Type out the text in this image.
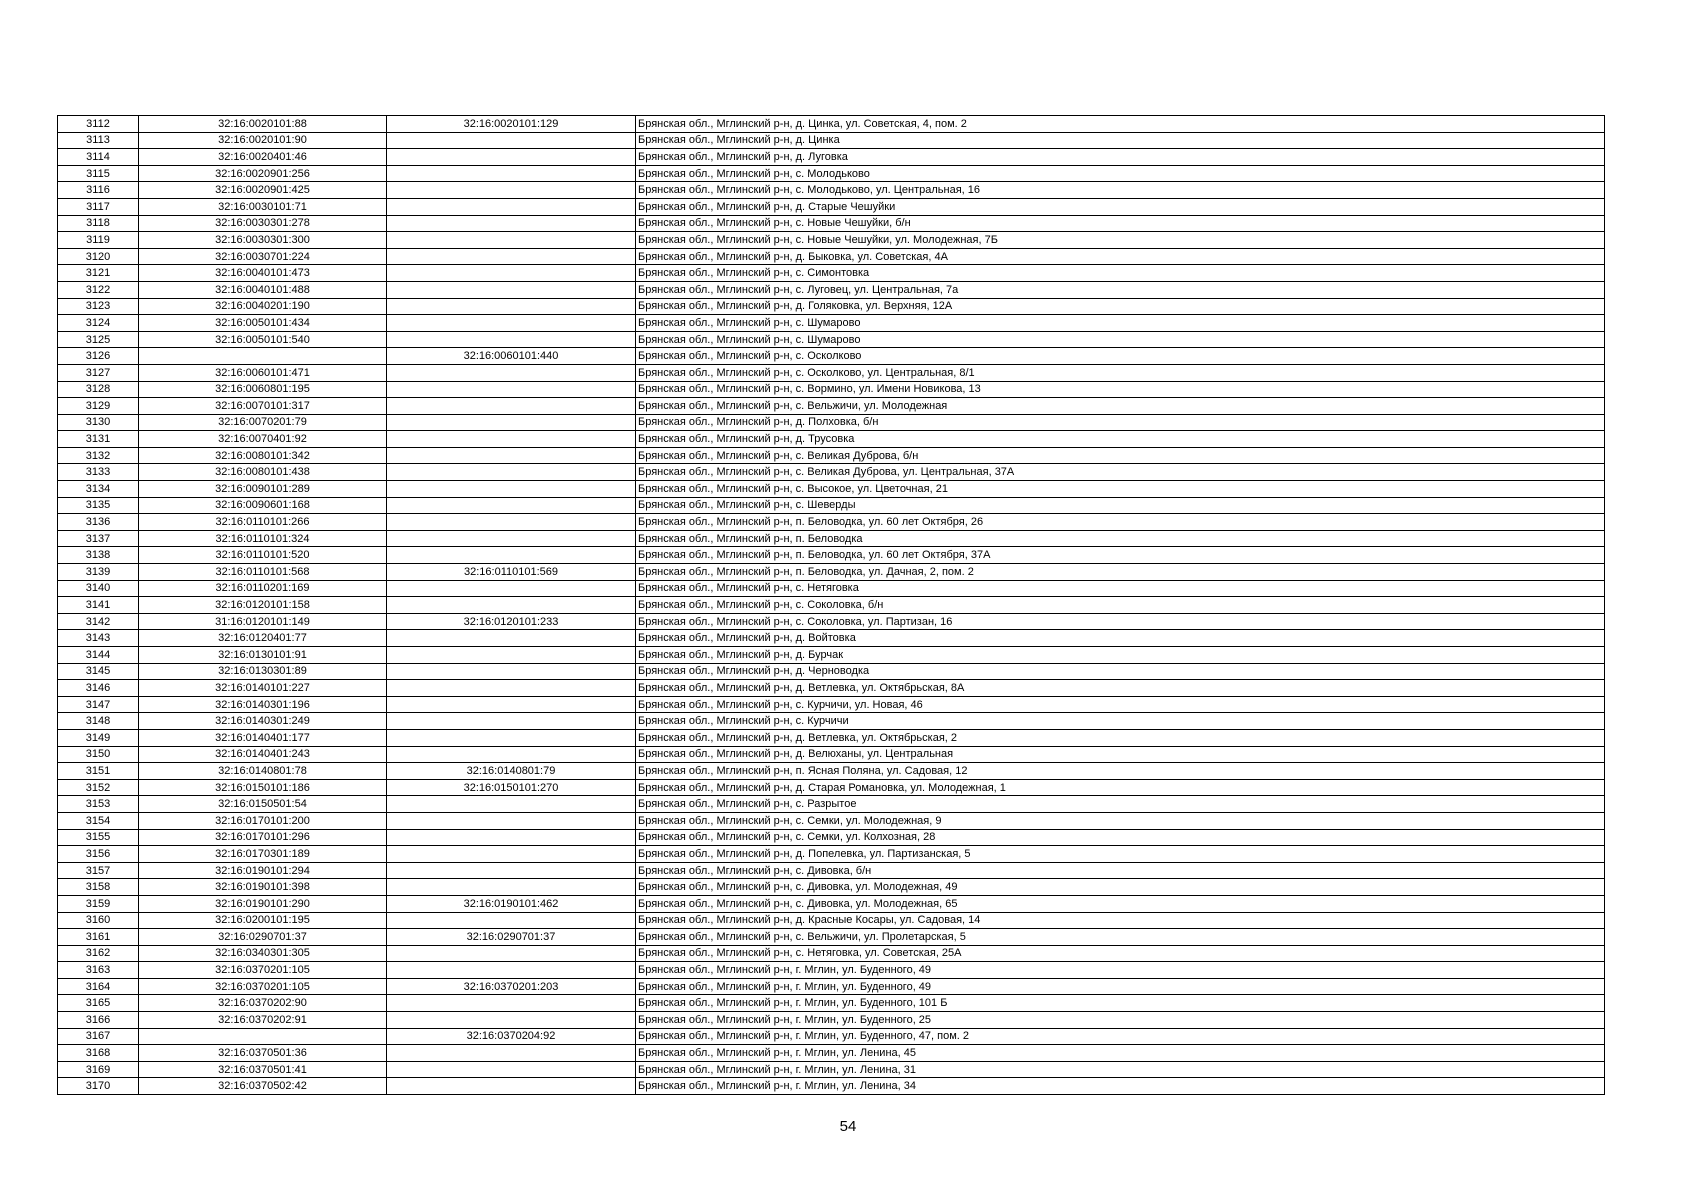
3112	32:16:0020101:88	32:16:0020101:129	Брянская обл., Мглинский р-н, д. Цинка, ул. Советская, 4, пом. 2
3113	32:16:0020101:90		Брянская обл., Мглинский р-н, д. Цинка
3114	32:16:0020401:46		Брянская обл., Мглинский р-н, д. Луговка
3115	32:16:0020901:256		Брянская обл., Мглинский р-н, с. Молодьково
3116	32:16:0020901:425		Брянская обл., Мглинский р-н, с. Молодьково, ул. Центральная, 16
3117	32:16:0030101:71		Брянская обл., Мглинский р-н, д. Старые Чешуйки
3118	32:16:0030301:278		Брянская обл., Мглинский р-н, с. Новые Чешуйки, б/н
3119	32:16:0030301:300		Брянская обл., Мглинский р-н, с. Новые Чешуйки, ул. Молодежная, 7Б
3120	32:16:0030701:224		Брянская обл., Мглинский р-н, д. Быковка, ул. Советская, 4А
3121	32:16:0040101:473		Брянская обл., Мглинский р-н, с. Симонтовка
3122	32:16:0040101:488		Брянская обл., Мглинский р-н, с. Луговец, ул. Центральная, 7а
3123	32:16:0040201:190		Брянская обл., Мглинский р-н, д. Голяковка, ул. Верхняя, 12А
3124	32:16:0050101:434		Брянская обл., Мглинский р-н, с. Шумарово
3125	32:16:0050101:540		Брянская обл., Мглинский р-н, с. Шумарово
3126		32:16:0060101:440	Брянская обл., Мглинский р-н, с. Осколково
3127	32:16:0060101:471		Брянская обл., Мглинский р-н, с. Осколково, ул. Центральная, 8/1
3128	32:16:0060801:195		Брянская обл., Мглинский р-н, с. Вормино, ул. Имени Новикова, 13
3129	32:16:0070101:317		Брянская обл., Мглинский р-н, с. Вельжичи, ул. Молодежная
3130	32:16:0070201:79		Брянская обл., Мглинский р-н, д. Полховка, б/н
3131	32:16:0070401:92		Брянская обл., Мглинский р-н, д. Трусовка
3132	32:16:0080101:342		Брянская обл., Мглинский р-н, с. Великая Дуброва, б/н
3133	32:16:0080101:438		Брянская обл., Мглинский р-н, с. Великая Дуброва, ул. Центральная, 37А
3134	32:16:0090101:289		Брянская обл., Мглинский р-н, с. Высокое, ул. Цветочная, 21
3135	32:16:0090601:168		Брянская обл., Мглинский р-н, с. Шеверды
3136	32:16:0110101:266		Брянская обл., Мглинский р-н, п. Беловодка, ул. 60 лет Октября, 26
3137	32:16:0110101:324		Брянская обл., Мглинский р-н, п. Беловодка
3138	32:16:0110101:520		Брянская обл., Мглинский р-н, п. Беловодка, ул. 60 лет Октября, 37А
3139	32:16:0110101:568	32:16:0110101:569	Брянская обл., Мглинский р-н, п. Беловодка, ул. Дачная, 2, пом. 2
3140	32:16:0110201:169		Брянская обл., Мглинский р-н, с. Нетяговка
3141	32:16:0120101:158		Брянская обл., Мглинский р-н, с. Соколовка, б/н
3142	31:16:0120101:149	32:16:0120101:233	Брянская обл., Мглинский р-н, с. Соколовка, ул. Партизан, 16
3143	32:16:0120401:77		Брянская обл., Мглинский р-н, д. Войтовка
3144	32:16:0130101:91		Брянская обл., Мглинский р-н, д. Бурчак
3145	32:16:0130301:89		Брянская обл., Мглинский р-н, д. Черноводка
3146	32:16:0140101:227		Брянская обл., Мглинский р-н, д. Ветлевка, ул. Октябрьская, 8А
3147	32:16:0140301:196		Брянская обл., Мглинский р-н, с. Курчичи, ул. Новая, 46
3148	32:16:0140301:249		Брянская обл., Мглинский р-н, с. Курчичи
3149	32:16:0140401:177		Брянская обл., Мглинский р-н, д. Ветлевка, ул. Октябрьская, 2
3150	32:16:0140401:243		Брянская обл., Мглинский р-н, д. Велюханы, ул. Центральная
3151	32:16:0140801:78	32:16:0140801:79	Брянская обл., Мглинский р-н, п. Ясная Поляна, ул. Садовая, 12
3152	32:16:0150101:186	32:16:0150101:270	Брянская обл., Мглинский р-н, д. Старая Романовка, ул. Молодежная, 1
3153	32:16:0150501:54		Брянская обл., Мглинский р-н, с. Разрытое
3154	32:16:0170101:200		Брянская обл., Мглинский р-н, с. Семки, ул. Молодежная, 9
3155	32:16:0170101:296		Брянская обл., Мглинский р-н, с. Семки, ул. Колхозная, 28
3156	32:16:0170301:189		Брянская обл., Мглинский р-н, д. Попелевка, ул. Партизанская, 5
3157	32:16:0190101:294		Брянская обл., Мглинский р-н, с. Дивовка, б/н
3158	32:16:0190101:398		Брянская обл., Мглинский р-н, с. Дивовка, ул. Молодежная, 49
3159	32:16:0190101:290	32:16:0190101:462	Брянская обл., Мглинский р-н, с. Дивовка, ул. Молодежная, 65
3160	32:16:0200101:195		Брянская обл., Мглинский р-н, д. Красные Косары, ул. Садовая, 14
3161	32:16:0290701:37	32:16:0290701:37	Брянская обл., Мглинский р-н, с. Вельжичи, ул. Пролетарская, 5
3162	32:16:0340301:305		Брянская обл., Мглинский р-н, с. Нетяговка, ул. Советская, 25А
3163	32:16:0370201:105		Брянская обл., Мглинский р-н, г. Мглин, ул. Буденного, 49
3164	32:16:0370201:105	32:16:0370201:203	Брянская обл., Мглинский р-н, г. Мглин, ул. Буденного, 49
3165	32:16:0370202:90		Брянская обл., Мглинский р-н, г. Мглин, ул. Буденного, 101 Б
3166	32:16:0370202:91		Брянская обл., Мглинский р-н, г. Мглин, ул. Буденного, 25
3167		32:16:0370204:92	Брянская обл., Мглинский р-н, г. Мглин, ул. Буденного, 47, пом. 2
3168	32:16:0370501:36		Брянская обл., Мглинский р-н, г. Мглин, ул. Ленина, 45
3169	32:16:0370501:41		Брянская обл., Мглинский р-н, г. Мглин, ул. Ленина, 31
3170	32:16:0370502:42		Брянская обл., Мглинский р-н, г. Мглин, ул. Ленина, 34
54
